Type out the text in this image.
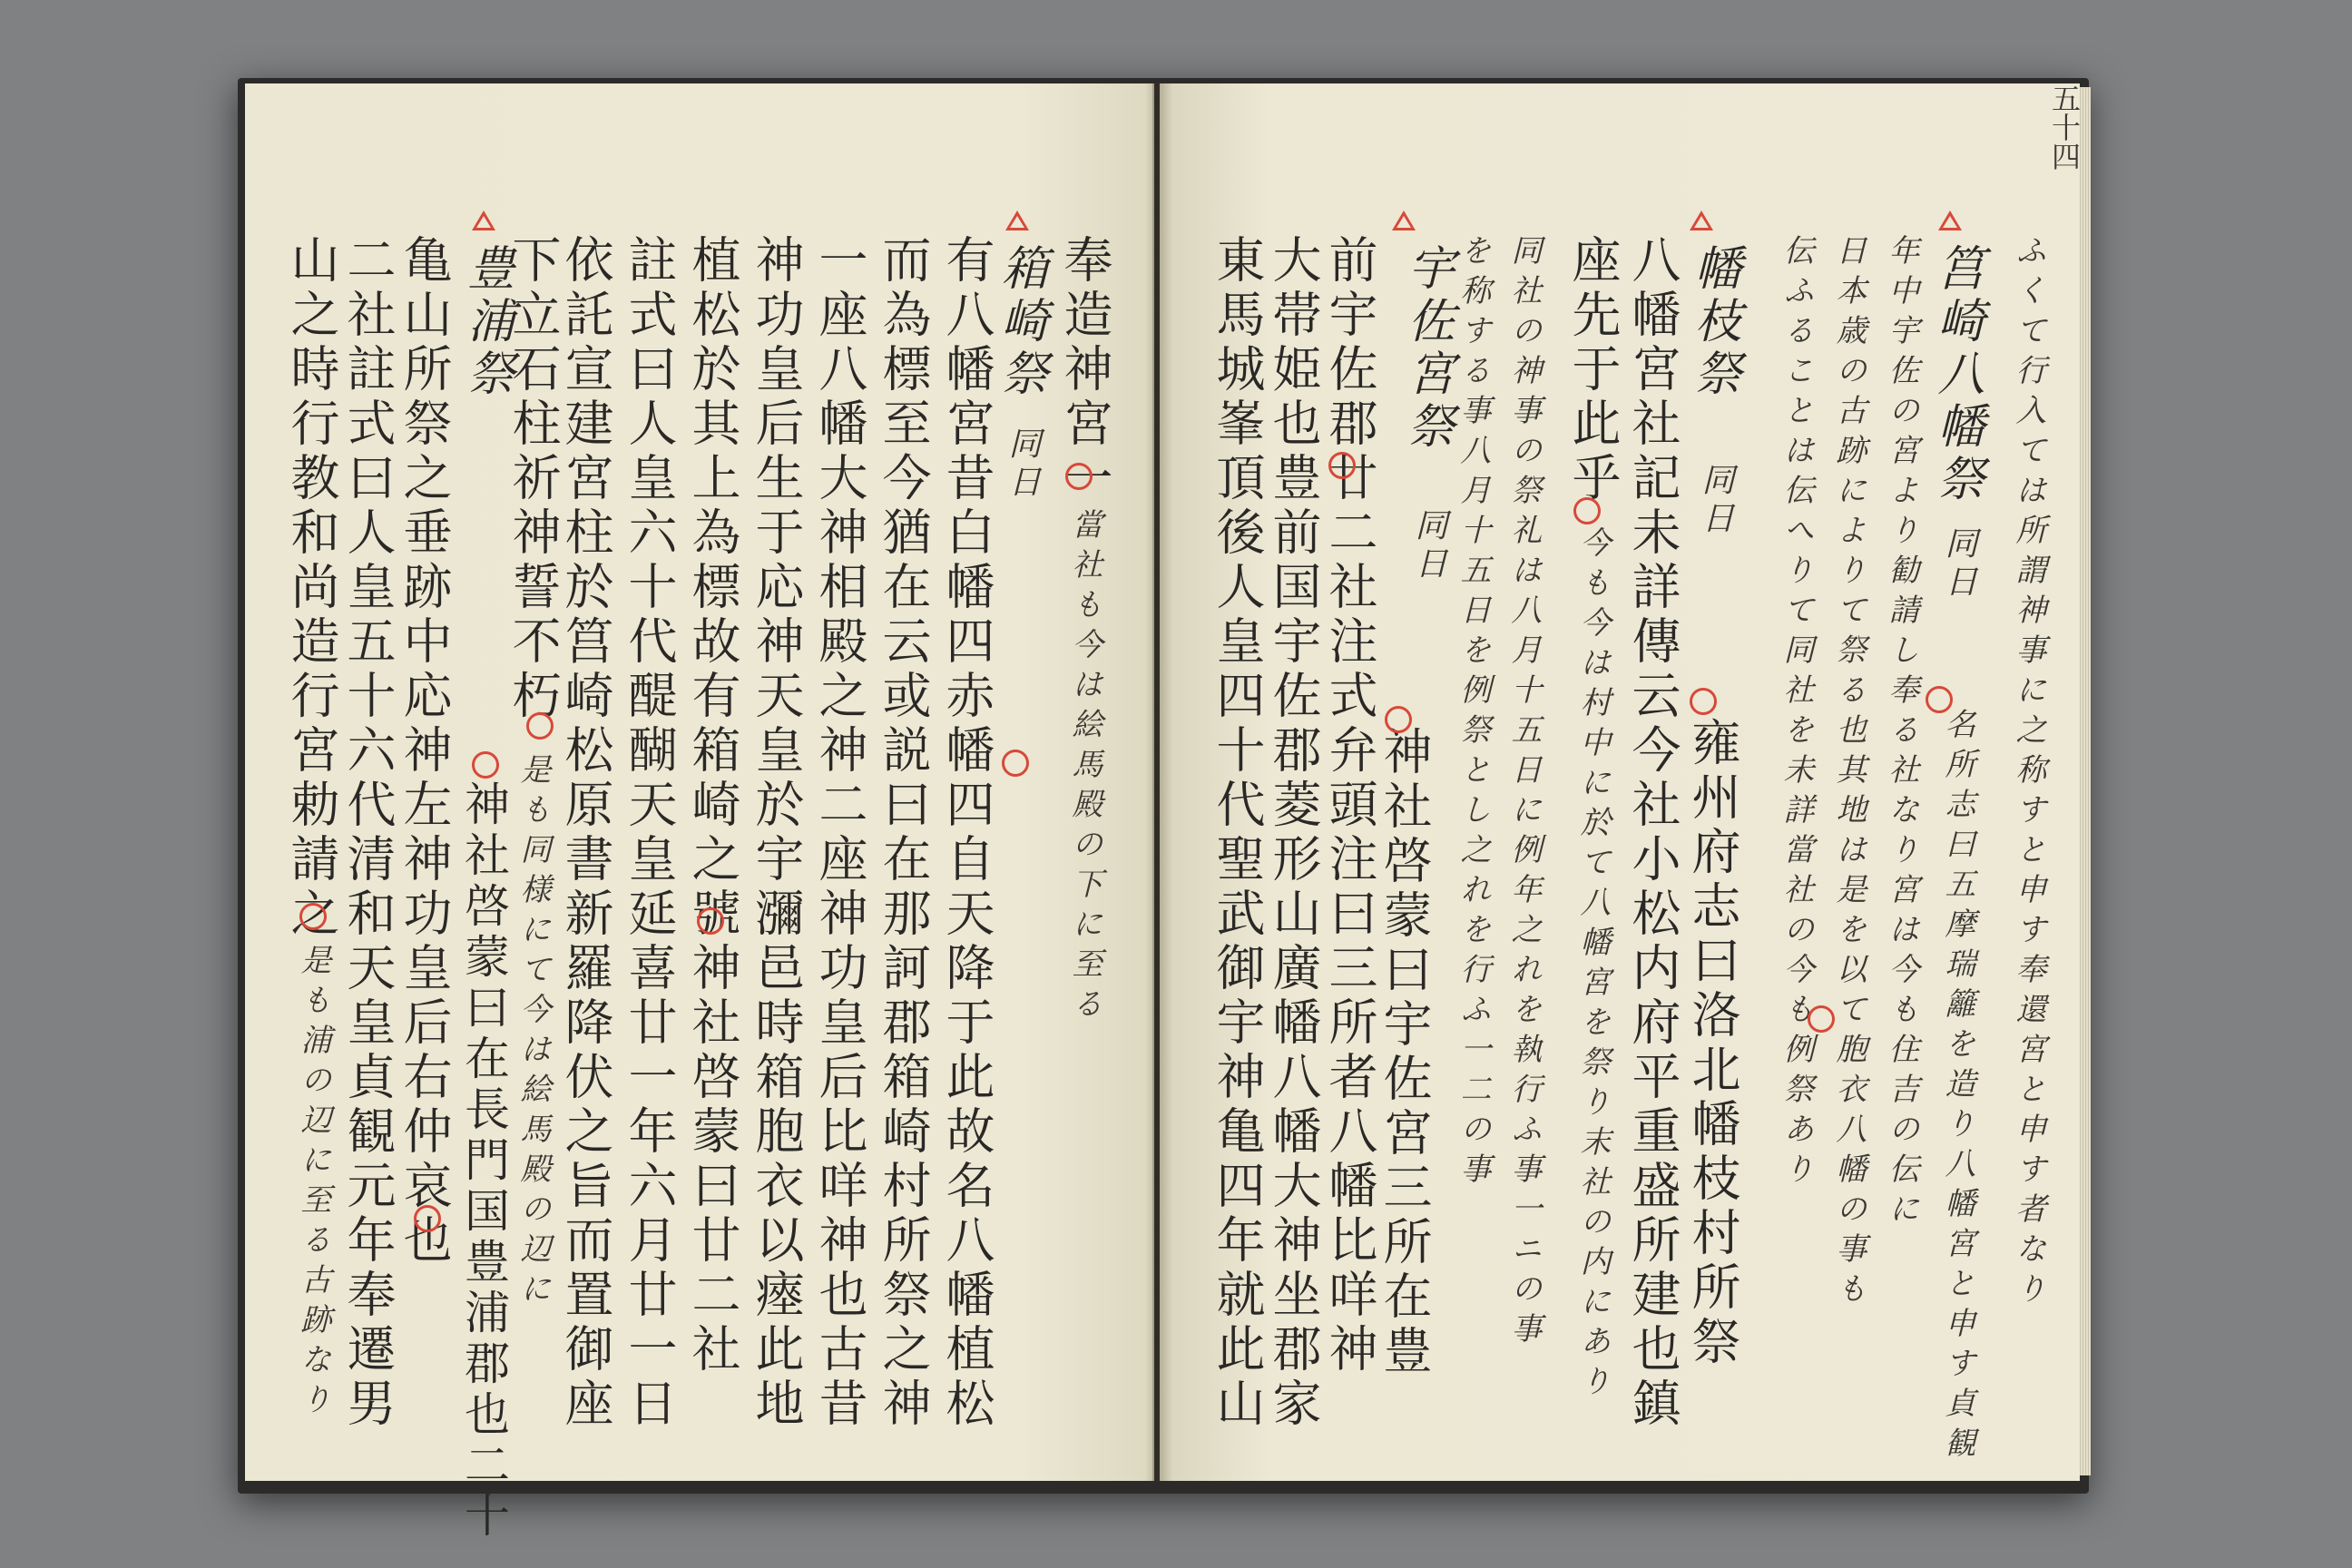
五十四
奉造神宮一
當社も今は絵馬殿の下に至る
箱崎祭
同日
有八幡宮昔白幡四赤幡四自天降于此故名八幡植松
而為標至今猶在云或説曰在那訶郡箱崎村所祭之神
一座八幡大神相殿之神二座神功皇后比咩神也古昔
神功皇后生于応神天皇於宇瀰邑時箱胞衣以瘞此地
植松於其上為標故有箱崎之號神社啓蒙曰廿二社
註式曰人皇六十代醍醐天皇延喜廿一年六月廿一日
依託宣建宮柱於筥崎松原書新羅降伏之旨而置御座
下立石柱祈神誓不朽
是も同様にて今は絵馬殿の辺に
豊浦祭
神社啓蒙曰在長門国豊浦郡也二十
亀山所祭之垂跡中応神左神功皇后右仲哀也
二社註式曰人皇五十六代清和天皇貞観元年奉遷男
山之時行教和尚造行宮勅請之
是も浦の辺に至る古跡なり	ふくて行入ては所謂神事に之称すと申す奉還宮と申す者なり
筥崎八幡祭
同日
名所志曰五摩瑞籬を造り八幡宮と申す貞観
年中宇佐の宮より勧請し奉る社なり宮は今も住吉の伝に
日本歳の古跡によりて祭る也其地は是を以て胞衣八幡の事も
伝ふることは伝へりて同社を未詳當社の今も例祭あり
幡枝祭
同日
雍州府志曰洛北幡枝村所祭
八幡宮社記未詳傳云今社小松内府平重盛所建也鎮
座先于此乎
今も今は村中に於て八幡宮を祭り末社の内にあり
同社の神事の祭礼は八月十五日に例年之れを執行ふ事一ニの事
を称する事八月十五日を例祭とし之れを行ふ一二の事
宇佐宮祭
同日
神社啓蒙曰宇佐宮三所在豊
前宇佐郡廿二社注式弁頭注曰三所者八幡比咩神
大帯姫也豊前国宇佐郡菱形山廣幡八幡大神坐郡家
東馬城峯頂後人皇四十代聖武御宇神亀四年就此山
